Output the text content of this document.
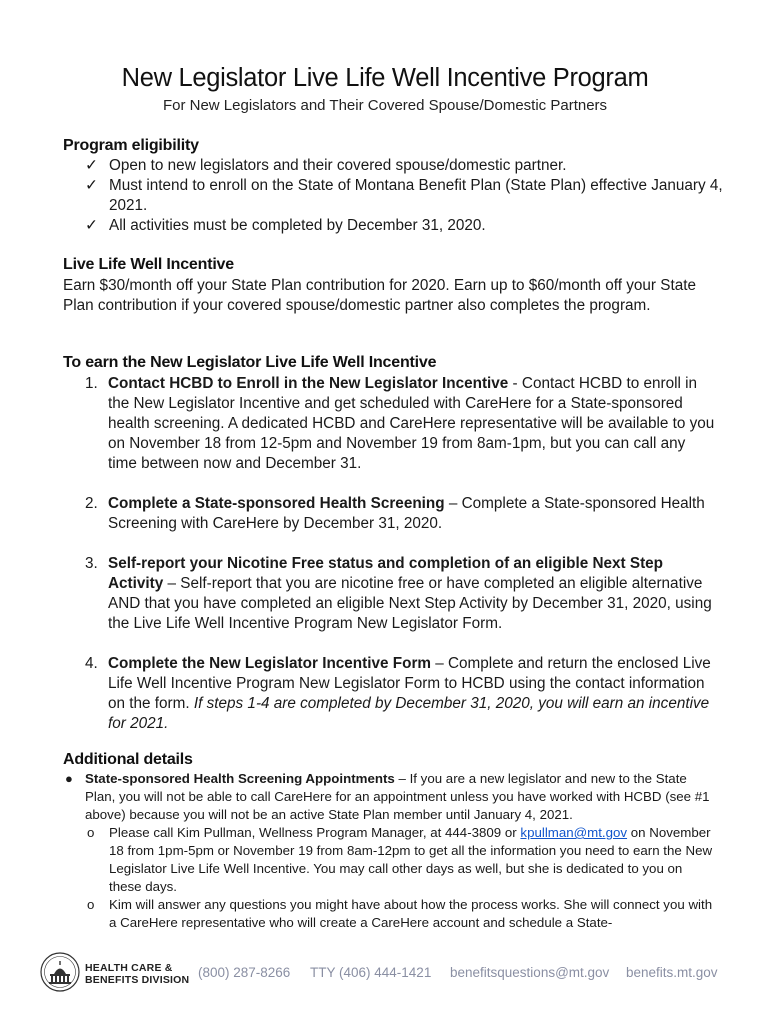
New Legislator Live Life Well Incentive Program
For New Legislators and Their Covered Spouse/Domestic Partners
Program eligibility
✓ Open to new legislators and their covered spouse/domestic partner.
✓ Must intend to enroll on the State of Montana Benefit Plan (State Plan) effective January 4, 2021.
✓ All activities must be completed by December 31, 2020.
Live Life Well Incentive
Earn $30/month off your State Plan contribution for 2020. Earn up to $60/month off your State Plan contribution if your covered spouse/domestic partner also completes the program.
To earn the New Legislator Live Life Well Incentive
1. Contact HCBD to Enroll in the New Legislator Incentive - Contact HCBD to enroll in the New Legislator Incentive and get scheduled with CareHere for a State-sponsored health screening. A dedicated HCBD and CareHere representative will be available to you on November 18 from 12-5pm and November 19 from 8am-1pm, but you can call any time between now and December 31.
2. Complete a State-sponsored Health Screening – Complete a State-sponsored Health Screening with CareHere by December 31, 2020.
3. Self-report your Nicotine Free status and completion of an eligible Next Step Activity – Self-report that you are nicotine free or have completed an eligible alternative AND that you have completed an eligible Next Step Activity by December 31, 2020, using the Live Life Well Incentive Program New Legislator Form.
4. Complete the New Legislator Incentive Form – Complete and return the enclosed Live Life Well Incentive Program New Legislator Form to HCBD using the contact information on the form. If steps 1-4 are completed by December 31, 2020, you will earn an incentive for 2021.
Additional details
● State-sponsored Health Screening Appointments – If you are a new legislator and new to the State Plan, you will not be able to call CareHere for an appointment unless you have worked with HCBD (see #1 above) because you will not be an active State Plan member until January 4, 2021.
o Please call Kim Pullman, Wellness Program Manager, at 444-3809 or kpullman@mt.gov on November 18 from 1pm-5pm or November 19 from 8am-12pm to get all the information you need to earn the New Legislator Live Life Well Incentive. You may call other days as well, but she is dedicated to you on these days.
o Kim will answer any questions you might have about how the process works. She will connect you with a CareHere representative who will create a CareHere account and schedule a State-
HEALTH CARE &
BENEFITS DIVISION (800) 287-8266 TTY (406) 444-1421 benefitsquestions@mt.gov benefits.mt.gov
